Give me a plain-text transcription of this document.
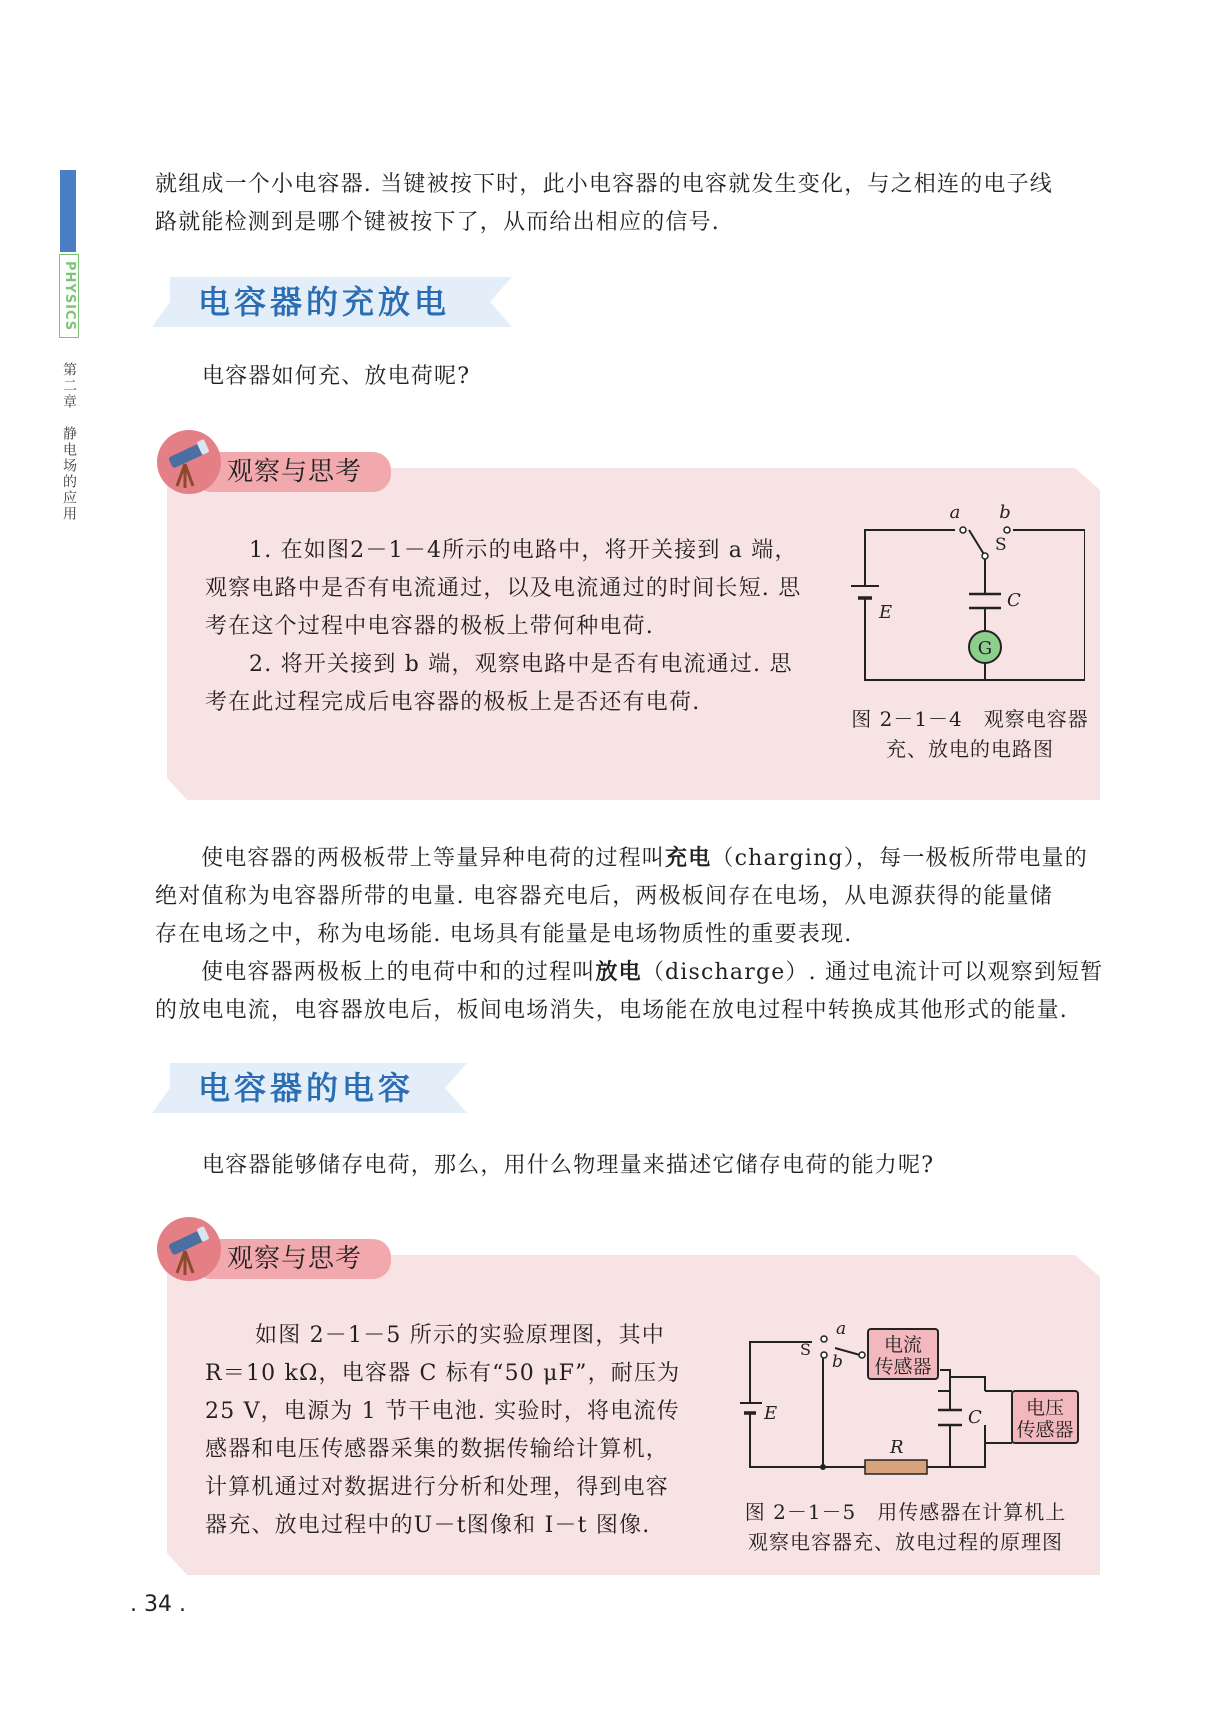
PHYSICS
第二章　静电场的应用
就组成一个小电容器. 当键被按下时，此小电容器的电容就发生变化，与之相连的电子线
路就能检测到是哪个键被按下了，从而给出相应的信号.
电容器的充放电
电容器如何充、放电荷呢?
观察与思考
1. 在如图2－1－4所示的电路中，将开关接到 a 端，
观察电路中是否有电流通过，以及电流通过的时间长短. 思
考在这个过程中电容器的极板上带何种电荷.
2. 将开关接到 b 端，观察电路中是否有电流通过. 思
考在此过程完成后电容器的极板上是否还有电荷.
G
a b
S
C
E
图 2－1－4　观察电容器
充、放电的电路图
使电容器的两极板带上等量异种电荷的过程叫充电（charging），每一极板所带电量的
绝对值称为电容器所带的电量. 电容器充电后，两极板间存在电场，从电源获得的能量储
存在电场之中，称为电场能. 电场具有能量是电场物质性的重要表现.
使电容器两极板上的电荷中和的过程叫放电（discharge）. 通过电流计可以观察到短暂
的放电电流，电容器放电后，板间电场消失，电场能在放电过程中转换成其他形式的能量.
电容器的电容
电容器能够储存电荷，那么，用什么物理量来描述它储存电荷的能力呢?
观察与思考
如图 2－1－5 所示的实验原理图，其中
R＝10 kΩ，电容器 C 标有“50 μF”，耐压为
25 V，电源为 1 节干电池. 实验时，将电流传
感器和电压传感器采集的数据传输给计算机，
计算机通过对数据进行分析和处理，得到电容
器充、放电过程中的U－t图像和 I－t 图像.
电流
传感器
电压
传感器
a
b
S
C
E
R
图 2－1－5　用传感器在计算机上
观察电容器充、放电过程的原理图
. 34 .
